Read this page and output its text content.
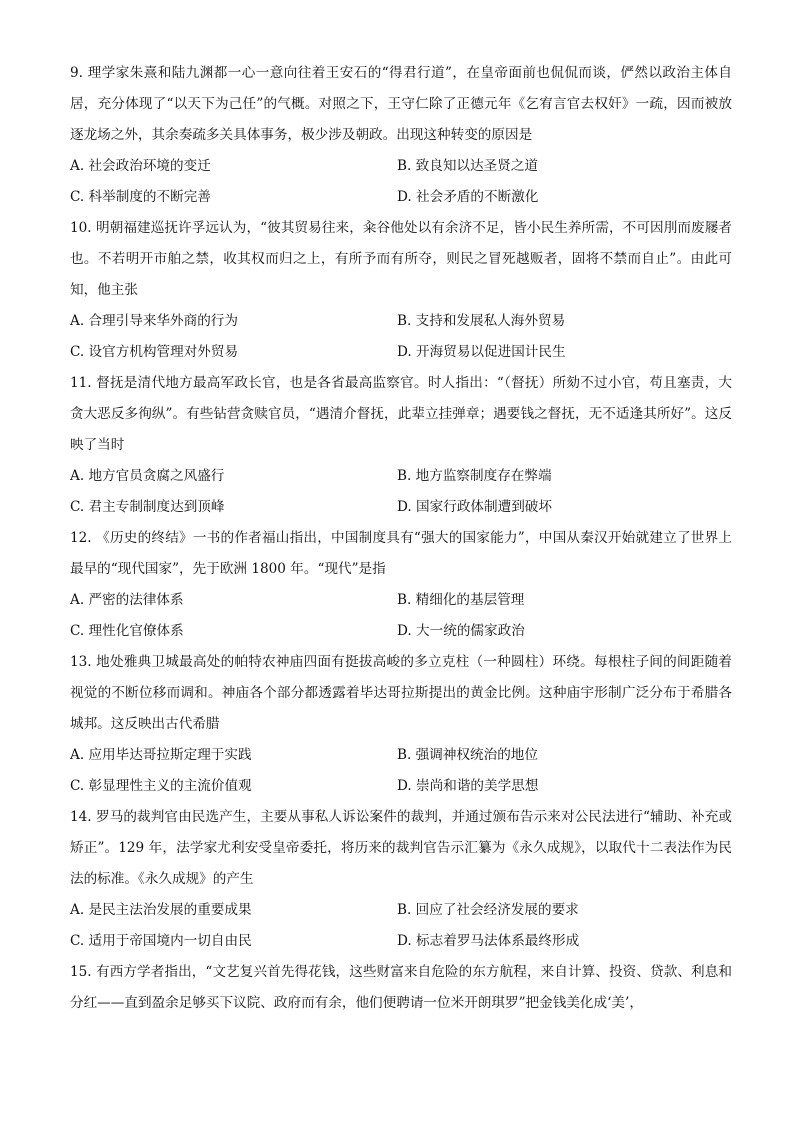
9. 理学家朱熹和陆九渊都一心一意向往着王安石的“得君行道”，在皇帝面前也侃侃而谈，俨然以政治主体自居，充分体现了“以天下为己任”的气概。对照之下，王守仁除了正德元年《乞宥言官去权奸》一疏，因而被放逐龙场之外，其余奏疏多关具体事务，极少涉及朝政。出现这种转变的原因是

A. 社会政治环境的变迁	B. 致良知以达圣贤之道
C. 科举制度的不断完善	D. 社会矛盾的不断激化

10. 明朝福建巡抚许孚远认为，“彼其贸易往来，籴谷他处以有余济不足，皆小民生养所需，不可因刖而废屦者也。不若明开市舶之禁，收其权而归之上，有所予而有所夺，则民之冒死越贩者，固将不禁而自止”。由此可知，他主张

A. 合理引导来华外商的行为	B. 支持和发展私人海外贸易
C. 设官方机构管理对外贸易	D. 开海贸易以促进国计民生

11. 督抚是清代地方最高军政长官，也是各省最高监察官。时人指出：“（督抚）所劾不过小官，苟且塞责，大贪大恶反多徇纵”。有些钻营贪赎官员，“遇清介督抚，此辈立挂弹章；遇要钱之督抚，无不适逢其所好”。这反映了当时

A. 地方官员贪腐之风盛行	B. 地方监察制度存在弊端
C. 君主专制制度达到顶峰	D. 国家行政体制遭到破坏

12. 《历史的终结》一书的作者福山指出，中国制度具有“强大的国家能力”，中国从秦汉开始就建立了世界上最早的“现代国家”，先于欧洲 1800 年。“现代”是指

A. 严密的法律体系	B. 精细化的基层管理
C. 理性化官僚体系	D. 大一统的儒家政治

13. 地处雅典卫城最高处的帕特农神庙四面有挺拔高峻的多立克柱（一种圆柱）环绕。每根柱子间的间距随着视觉的不断位移而调和。神庙各个部分都透露着毕达哥拉斯提出的黄金比例。这种庙宇形制广泛分布于希腊各城邦。这反映出古代希腊

A. 应用毕达哥拉斯定理于实践	B. 强调神权统治的地位
C. 彰显理性主义的主流价值观	D. 崇尚和谐的美学思想

14. 罗马的裁判官由民选产生，主要从事私人诉讼案件的裁判，并通过颁布告示来对公民法进行“辅助、补充或矫正”。129 年，法学家尤利安受皇帝委托，将历来的裁判官告示汇纂为《永久成规》，以取代十二表法作为民法的标准。《永久成规》的产生

A. 是民主法治发展的重要成果	B. 回应了社会经济发展的要求
C. 适用于帝国境内一切自由民	D. 标志着罗马法体系最终形成

15. 有西方学者指出，“文艺复兴首先得花钱，这些财富来自危险的东方航程，来自计算、投资、贷款、利息和分红——直到盈余足够买下议院、政府而有余，他们便聘请一位米开朗琪罗”把金钱美化成‘美’，
